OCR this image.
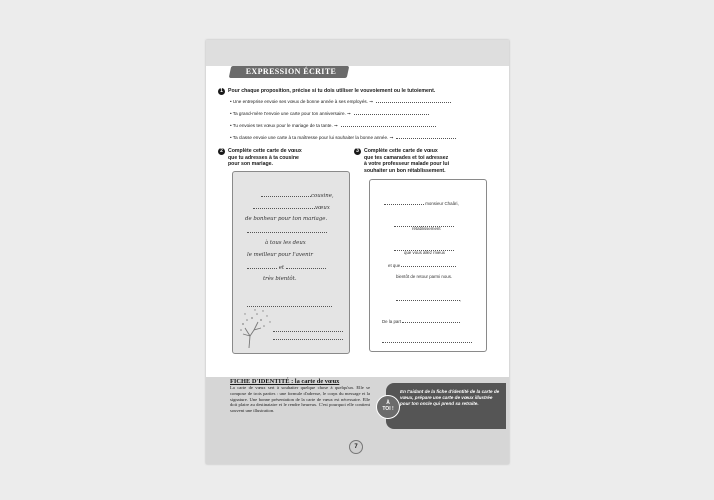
EXPRESSION ÉCRITE
1 Pour chaque proposition, précise si tu dois utiliser le vouvoiement ou le tutoiement.
• Une entreprise envoie ses vœux de bonne année à ses employés. ➞
• Ta grand-mère t'envoie une carte pour ton anniversaire. ➞
• Tu envoies tes vœux pour le mariage de ta tante. ➞
• Ta classe envoie une carte à ta maîtresse pour lui souhaiter la bonne année. ➞
2 Complète cette carte de vœux
que tu adresses à ta cousine
pour son mariage.
cousine,
vœux
de bonheur pour ton mariage.
à tous les deux
le meilleur pour l'avenir
et
très bientôt.
3 Complète cette carte de vœux
que tes camarades et toi adressez
à votre professeur malade pour lui
souhaiter un bon rétablissement.
monsieur Chaâri,
rétablissement
que vous allez mieux
et que
bientôt de retour parmi nous.
,
De la part
FICHE D'IDENTITÉ : la carte de vœux
La carte de vœux sert à souhaiter quelque chose à quelqu'un. Elle se compose de trois parties : une formule d'adresse, le corps du message et la signature. Une bonne présentation de la carte de vœux est nécessaire. Elle doit plaire au destinataire et le rendre heureux. C'est pourquoi elle contient souvent une illustration.
À
TOI !
En t'aidant de la fiche d'identité de la carte de vœux, prépare une carte de vœux illustrée pour ton oncle qui prend sa retraite.
7
